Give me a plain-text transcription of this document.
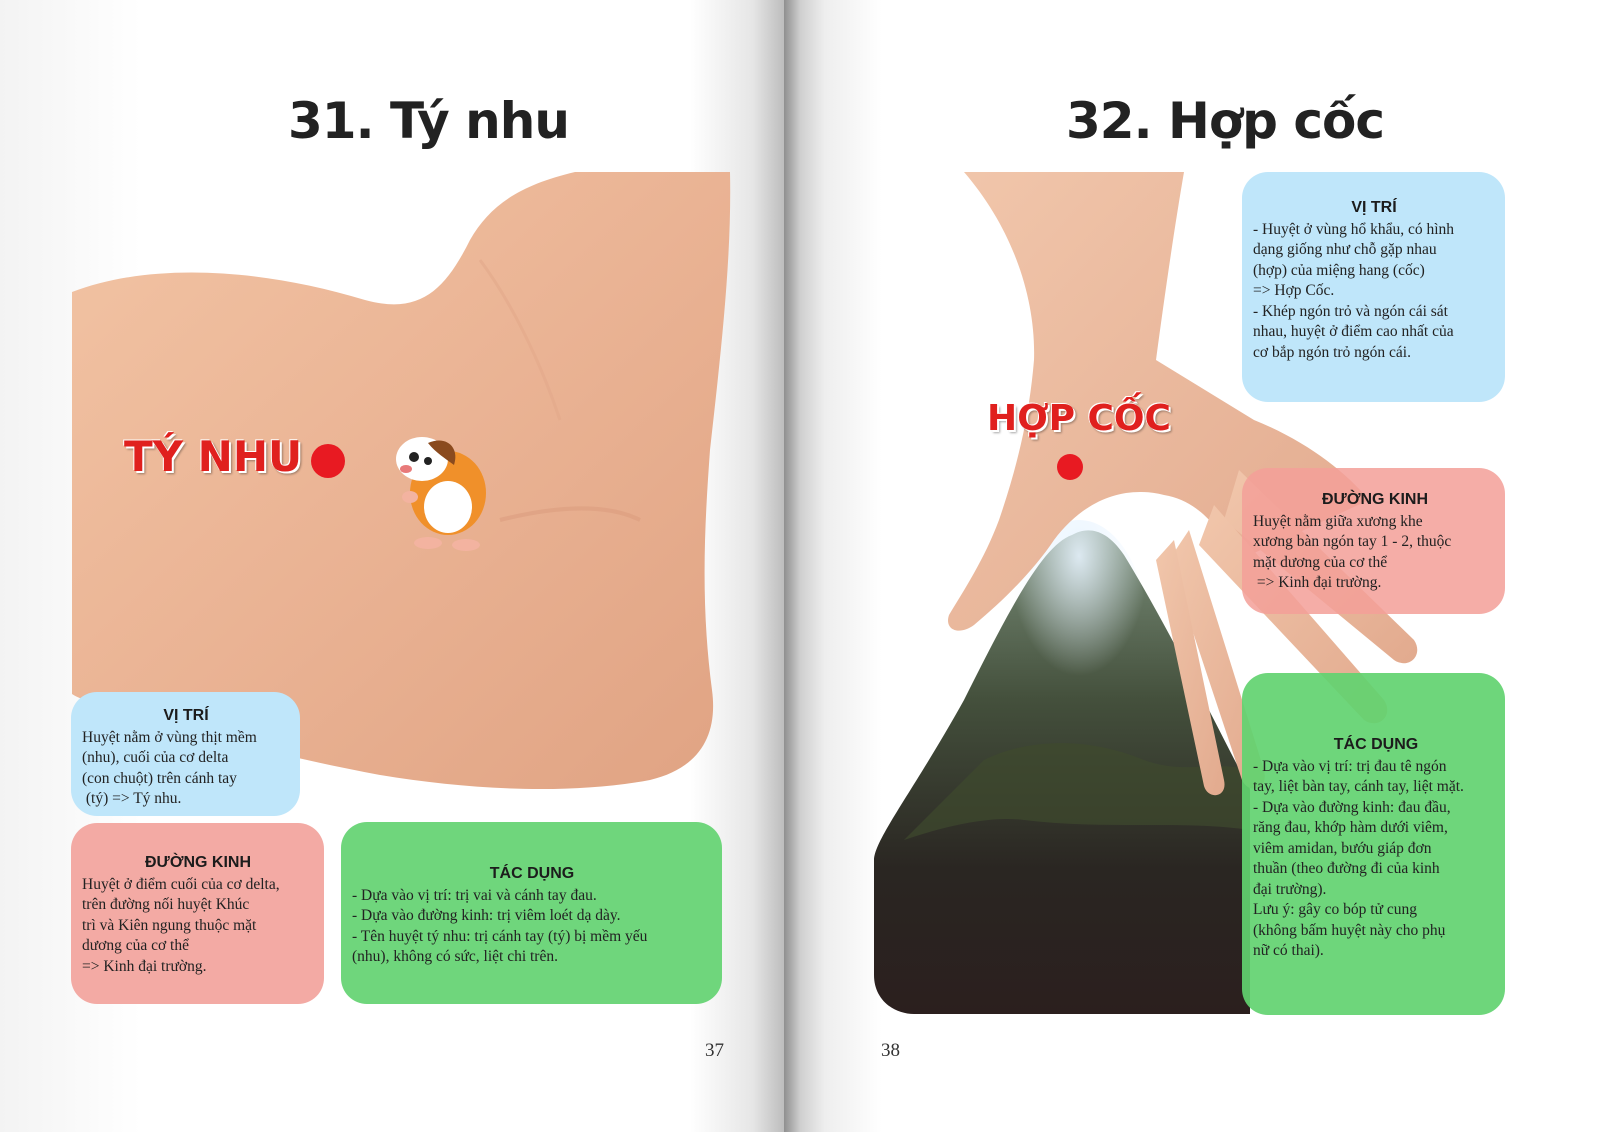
31. Tý nhu
TÝ NHU
VỊ TRÍ
Huyệt nằm ở vùng thịt mềm
(nhu), cuối của cơ delta
(con chuột) trên cánh tay
(tý) => Tý nhu.
ĐƯỜNG KINH
Huyệt ở điểm cuối của cơ delta,
trên đường nối huyệt Khúc
trì và Kiên ngung thuộc mặt
dương của cơ thể
=> Kinh đại trường.
TÁC DỤNG
- Dựa vào vị trí: trị vai và cánh tay đau.
- Dựa vào đường kinh: trị viêm loét dạ dày.
- Tên huyệt tý nhu: trị cánh tay (tý) bị mềm yếu
(nhu), không có sức, liệt chi trên.
37
32. Hợp cốc
HỢP CỐC
VỊ TRÍ
- Huyệt ở vùng hổ khẩu, có hình
dạng giống như chỗ gặp nhau
(hợp) của miệng hang (cốc)
=> Hợp Cốc.
- Khép ngón trỏ và ngón cái sát
nhau, huyệt ở điểm cao nhất của
cơ bắp ngón trỏ ngón cái.
ĐƯỜNG KINH
Huyệt nằm giữa xương khe
xương bàn ngón tay 1 - 2, thuộc
mặt dương của cơ thể
=> Kinh đại trường.
TÁC DỤNG
- Dựa vào vị trí: trị đau tê ngón
tay, liệt bàn tay, cánh tay, liệt mặt.
- Dựa vào đường kinh: đau đầu,
răng đau, khớp hàm dưới viêm,
viêm amidan, bướu giáp đơn
thuần (theo đường đi của kinh
đại trường).
Lưu ý: gây co bóp tử cung
(không bấm huyệt này cho phụ
nữ có thai).
38
